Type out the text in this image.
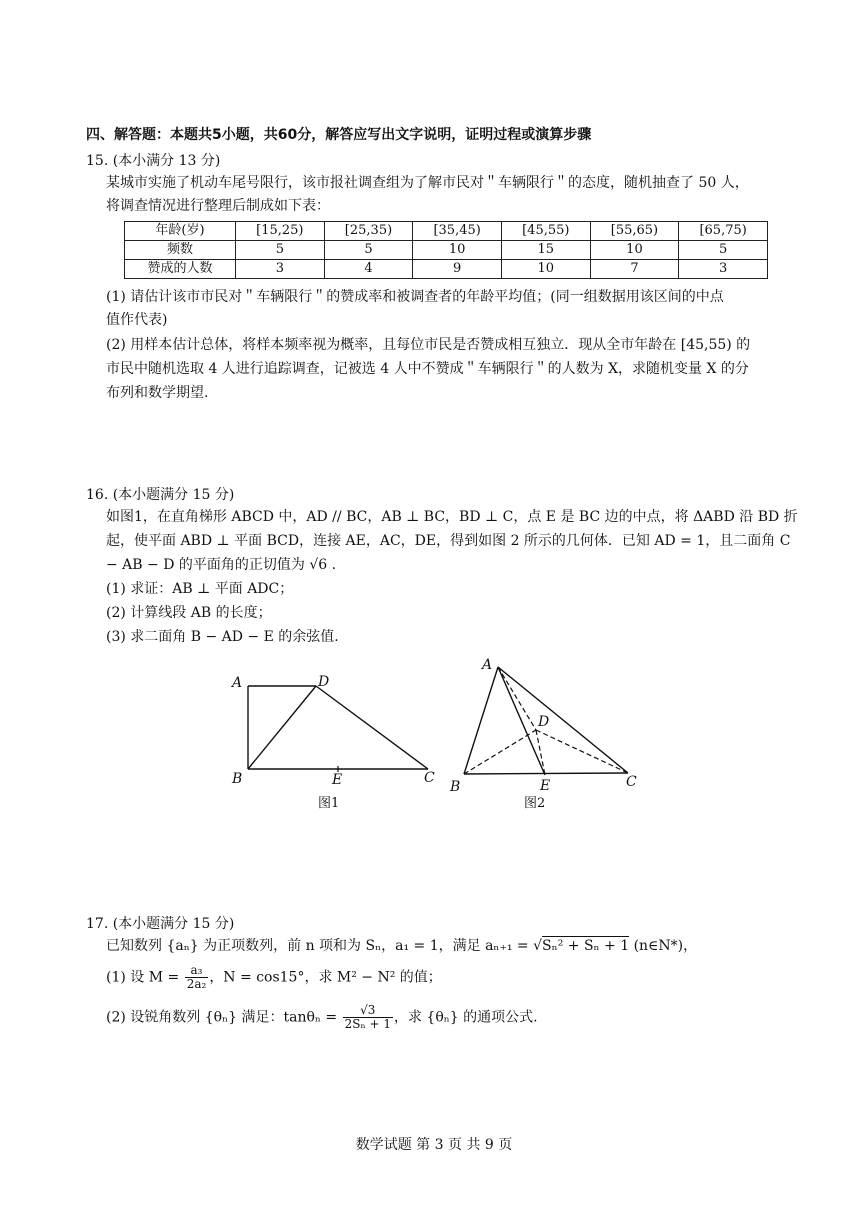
四、解答题：本题共5小题，共60分，解答应写出文字说明，证明过程或演算步骤
15. (本小满分 13 分)
某城市实施了机动车尾号限行，该市报社调查组为了解市民对＂车辆限行＂的态度，随机抽查了 50 人，
将调查情况进行整理后制成如下表：
年龄(岁)	[15,25)	[25,35)	[35,45)	[45,55)	[55,65)	[65,75)
频数	5	5	10	15	10	5
赞成的人数	3	4	9	10	7	3
(1) 请估计该市市民对＂车辆限行＂的赞成率和被调查者的年龄平均值；(同一组数据用该区间的中点
值作代表)
(2) 用样本估计总体，将样本频率视为概率，且每位市民是否赞成相互独立．现从全市年龄在 [45,55) 的
市民中随机选取 4 人进行追踪调查，记被选 4 人中不赞成＂车辆限行＂的人数为 X，求随机变量 X 的分
布列和数学期望.
16. (本小题满分 15 分)
如图1，在直角梯形 ABCD 中，AD // BC，AB ⊥ BC，BD ⊥ C，点 E 是 BC 边的中点，将 ΔABD 沿 BD 折
起，使平面 ABD ⊥ 平面 BCD，连接 AE，AC，DE，得到如图 2 所示的几何体．已知 AD = 1，且二面角 C
− AB − D 的平面角的正切值为 √6 .
(1) 求证：AB ⊥ 平面 ADC；
(2) 计算线段 AB 的长度；
(3) 求二面角 B − AD − E 的余弦值.
A	D
B	E	C
图1
A
D
B	E	C
图2
17. (本小题满分 15 分)
已知数列 {aₙ} 为正项数列，前 n 项和为 Sₙ，a₁ = 1，满足 aₙ₊₁ = √Sₙ² + Sₙ + 1 (n∈N*)，
(1) 设 $M = \frac{\text{a₃}}{\text{2a₂}}$ ，N = cos15°，求 M² − N² 的值；
(2) 设锐角数列 {θₙ} 满足：$\tan\theta_n = \frac{√3}{\text{2Sₙ + 1}}$ ，求 {θₙ} 的通项公式.
数学试题 第 3 页 共 9 页
